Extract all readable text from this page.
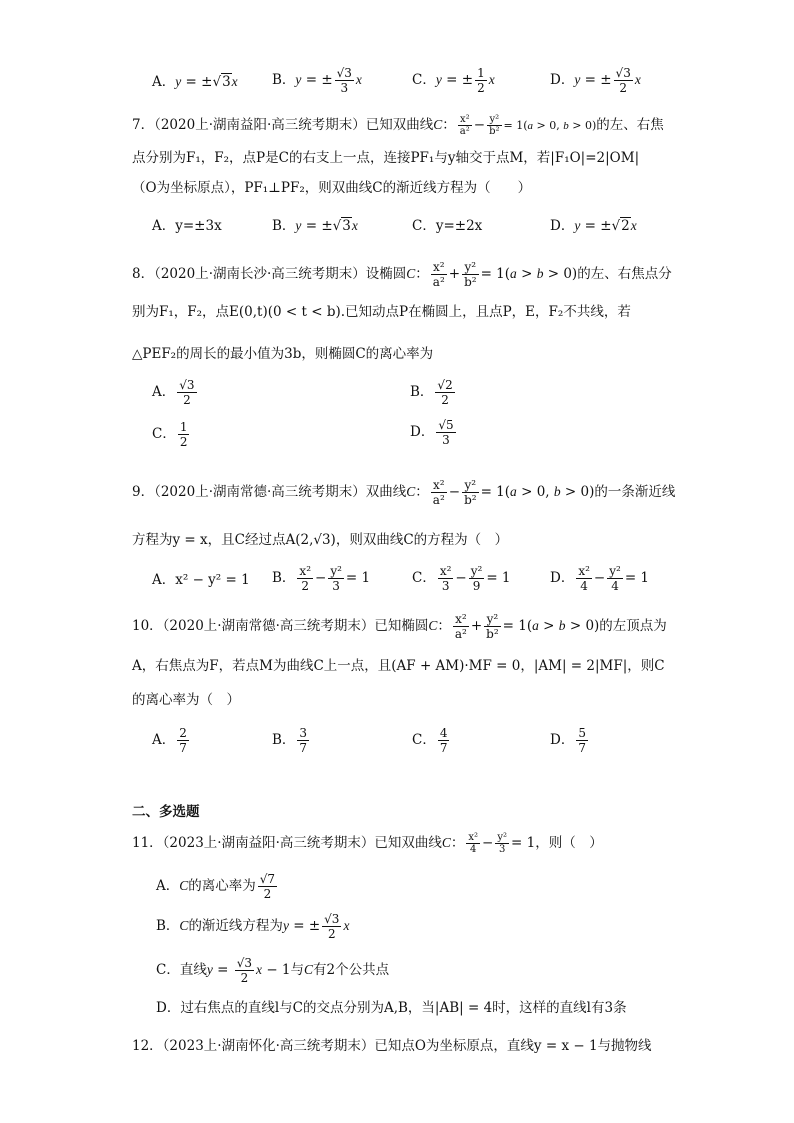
A．y = ±√3x	B．y = ± $\frac{√3}{3}$ x	C．y = ± $\frac{1}{2}$ x	D．y = ± $\frac{√3}{2}$ x
7．（2020上·湖南益阳·高三统考期末）已知双曲线C： $\frac{\text{x²}}{\text{a²}} - \frac{\text{y²}}{\text{b²}} = 1(a > 0$, b > 0)的左、右焦
点分别为F₁，F₂，点P是C的右支上一点，连接PF₁与y轴交于点M，若|F₁O|=2|OM|
（O为坐标原点），PF₁⊥PF₂，则双曲线C的渐近线方程为（　　）
A．y=±3x	B．y = ±√3x	C．y=±2x	D．y = ±√2x
8．（2020上·湖南长沙·高三统考期末）设椭圆C： $\frac{\text{x²}}{\text{a²}} + \frac{\text{y²}}{\text{b²}} = 1(a > b > 0)$的左、右焦点分
别为F₁，F₂，点E(0,t)(0 < t < b).已知动点P在椭圆上，且点P，E，F₂不共线，若
△PEF₂的周长的最小值为3b，则椭圆C的离心率为
A． $\frac{√3}{2}$	B． $\frac{√2}{2}$
C． $\frac{1}{2}$	D． $\frac{√5}{3}$
9．（2020上·湖南常德·高三统考期末）双曲线C： $\frac{\text{x²}}{\text{a²}} - \frac{\text{y²}}{\text{b²}} = 1(a > 0$, b > 0)的一条渐近线
方程为y = x，且C经过点A(2,√3)，则双曲线C的方程为（　）
A．x² − y² = 1 B． $\frac{\text{x²}}{2} - \frac{\text{y²}}{3} = 1$	C． $\frac{\text{x²}}{3} - \frac{\text{y²}}{9} = 1$	D． $\frac{\text{x²}}{4} - \frac{\text{y²}}{4} = 1$
10．（2020上·湖南常德·高三统考期末）已知椭圆C： $\frac{\text{x²}}{\text{a²}} + \frac{\text{y²}}{\text{b²}} = 1(a > b > 0)$的左顶点为
A，右焦点为F，若点M为曲线C上一点，且(AF + AM)·MF = 0，|AM| = 2|MF|，则C
的离心率为（　）
A． $\frac{2}{7}$	B． $\frac{3}{7}$	C． $\frac{4}{7}$	D． $\frac{5}{7}$
二、多选题
11．（2023上·湖南益阳·高三统考期末）已知双曲线C： $\frac{\text{x²}}{4} - \frac{\text{y²}}{3} = 1$，则（　）
A．C的离心率为 $\frac{√7}{2}$
B．C的渐近线方程为y = ± $\frac{√3}{2}$ x
C．直线$y = \frac{√3}{2}$ x − 1与C有2个公共点
D．过右焦点的直线l与C的交点分别为A,B，当|AB| = 4时，这样的直线l有3条
12．（2023上·湖南怀化·高三统考期末）已知点O为坐标原点，直线y = x − 1与抛物线
